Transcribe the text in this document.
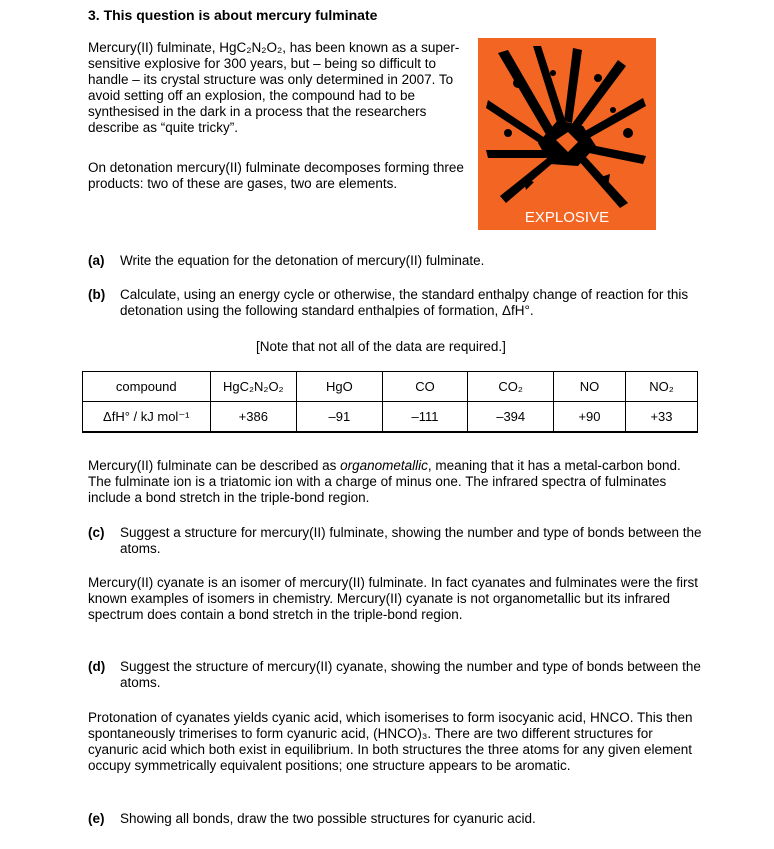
3. This question is about mercury fulminate
Mercury(II) fulminate, HgC₂N₂O₂, has been known as a super-sensitive explosive for 300 years, but – being so difficult to handle – its crystal structure was only determined in 2007. To avoid setting off an explosion, the compound had to be synthesised in the dark in a process that the researchers describe as “quite tricky”.
On detonation mercury(II) fulminate decomposes forming three products: two of these are gases, two are elements.
EXPLOSIVE
(a) Write the equation for the detonation of mercury(II) fulminate.
(b) Calculate, using an energy cycle or otherwise, the standard enthalpy change of reaction for this detonation using the following standard enthalpies of formation, ΔfH°.
[Note that not all of the data are required.]
compound	HgC₂N₂O₂	HgO	CO	CO₂	NO	NO₂
ΔfH° / kJ mol⁻¹	+386	–91	–111	–394	+90	+33
Mercury(II) fulminate can be described as organometallic, meaning that it has a metal-carbon bond. The fulminate ion is a triatomic ion with a charge of minus one. The infrared spectra of fulminates include a bond stretch in the triple-bond region.
(c) Suggest a structure for mercury(II) fulminate, showing the number and type of bonds between the atoms.
Mercury(II) cyanate is an isomer of mercury(II) fulminate. In fact cyanates and fulminates were the first known examples of isomers in chemistry. Mercury(II) cyanate is not organometallic but its infrared spectrum does contain a bond stretch in the triple-bond region.
(d) Suggest the structure of mercury(II) cyanate, showing the number and type of bonds between the atoms.
Protonation of cyanates yields cyanic acid, which isomerises to form isocyanic acid, HNCO. This then spontaneously trimerises to form cyanuric acid, (HNCO)₃. There are two different structures for cyanuric acid which both exist in equilibrium. In both structures the three atoms for any given element occupy symmetrically equivalent positions; one structure appears to be aromatic.
(e) Showing all bonds, draw the two possible structures for cyanuric acid.
